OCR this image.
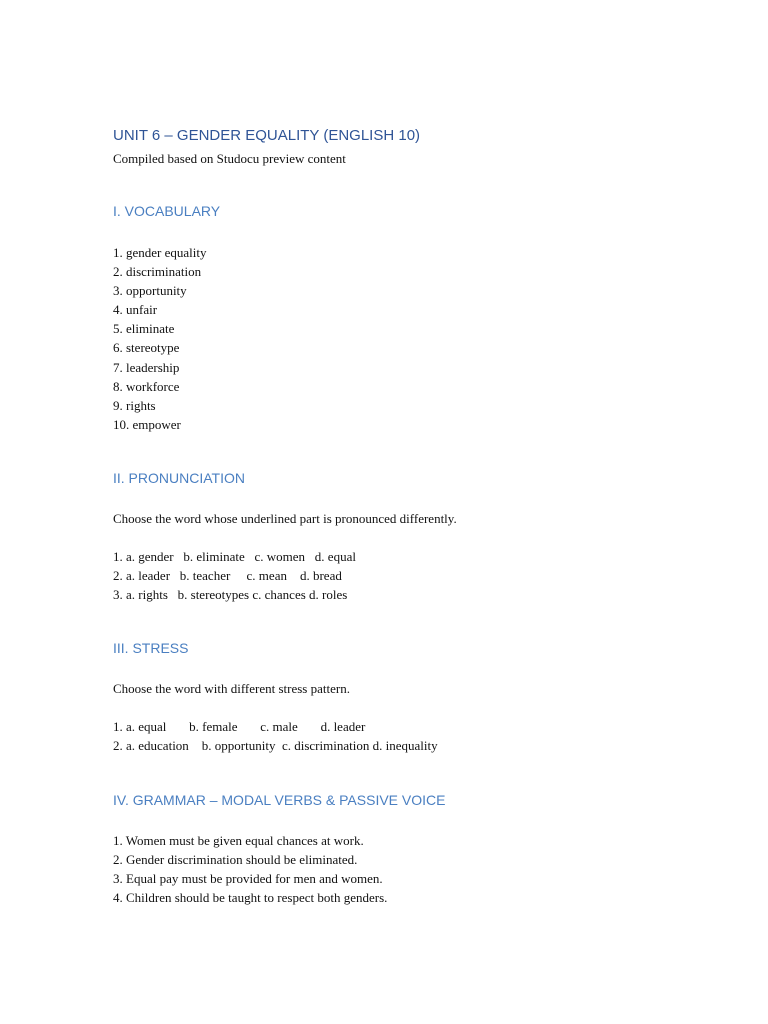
UNIT 6 – GENDER EQUALITY (ENGLISH 10)

Compiled based on Studocu preview content

I. VOCABULARY
1. gender equality
2. discrimination
3. opportunity
4. unfair
5. eliminate
6. stereotype
7. leadership
8. workforce
9. rights
10. empower
II. PRONUNCIATION

Choose the word whose underlined part is pronounced differently.

1. a. gender   b. eliminate   c. women   d. equal
2. a. leader   b. teacher     c. mean    d. bread
3. a. rights   b. stereotypes c. chances d. roles
III. STRESS

Choose the word with different stress pattern.

1. a. equal       b. female       c. male       d. leader
2. a. education    b. opportunity  c. discrimination d. inequality
IV. GRAMMAR – MODAL VERBS & PASSIVE VOICE
1. Women must be given equal chances at work.
2. Gender discrimination should be eliminated.
3. Equal pay must be provided for men and women.
4. Children should be taught to respect both genders.
